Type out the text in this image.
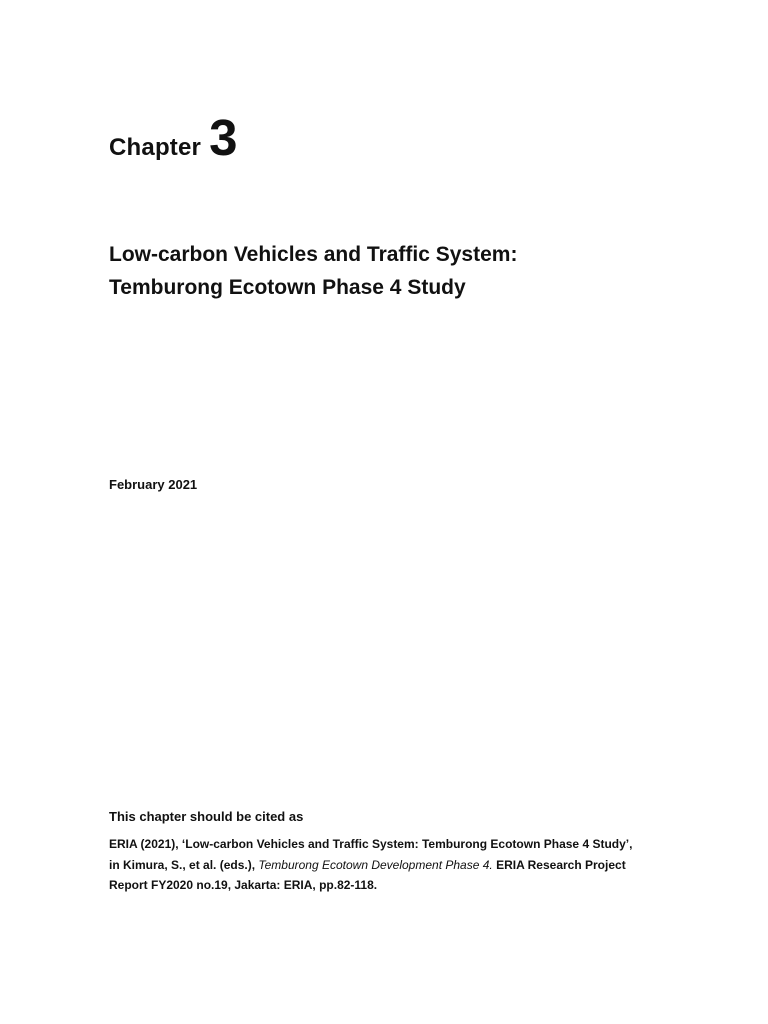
Chapter 3
Low-carbon Vehicles and Traffic System:
Temburong Ecotown Phase 4 Study
February 2021
This chapter should be cited as
ERIA (2021), ‘Low-carbon Vehicles and Traffic System: Temburong Ecotown Phase 4 Study’,
in Kimura, S., et al. (eds.), Temburong Ecotown Development Phase 4. ERIA Research Project
Report FY2020 no.19, Jakarta: ERIA, pp.82-118.
